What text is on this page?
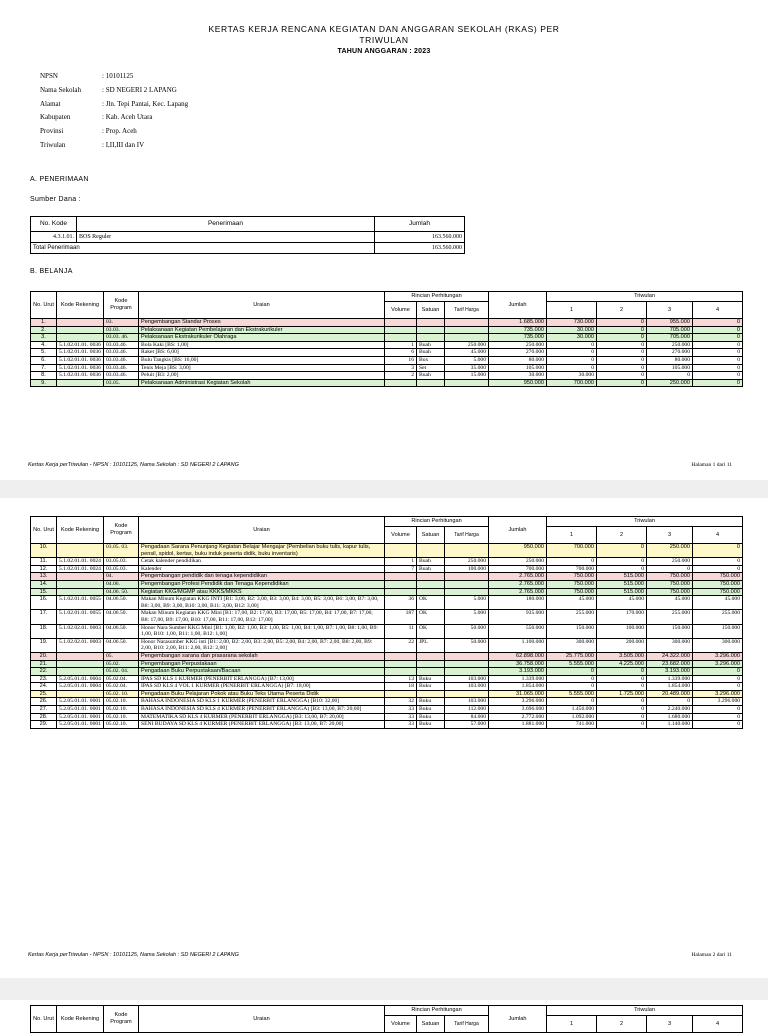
KERTAS KERJA RENCANA KEGIATAN DAN ANGGARAN SEKOLAH (RKAS) PER
TRIWULAN
TAHUN ANGGARAN : 2023
NPSN	: 10101125
Nama Sekolah	: SD NEGERI 2 LAPANG
Alamat	: Jln. Tepi Pantai, Kec. Lapang
Kabupaten	: Kab. Aceh Utara
Provinsi	: Prop. Aceh
Triwulan	: I,II,III dan IV
A. PENERIMAAN
Sumber Dana :
No. Kode	Penerimaan	Jumlah
4.3.1.01.	BOS Reguler	163.560.000
Total Penerimaan		163.560.000
B. BELANJA
No. Urut	Kode Rekening	Kode Program	Uraian	Rincian Perhitungan			Jumlah	Triwulan			
				Volume	Satuan	Tarif Harga		1	2	3	4
1.		03.	Pengembangan Standar Proses				1.685.000	730.000	0	955.000	0
2.		03.03.	Pelaksanaan Kegiatan Pembelajaran dan Ekstrakurikuler				735.000	30.000	0	705.000	0
3.		03.03. 46.	Pelaksanaan Ekstrakurikuler Olahraga				735.000	30.000	0	705.000	0
4.	5.1.02.01.01. 0036	03.03.46.	Bola Kaki [BS: 1,00]	1	Buah	250.000	250.000	0	0	250.000	0
5.	5.1.02.01.01. 0036	03.03.46.	Raket [BS: 6,00]	6	Buah	45.000	270.000	0	0	270.000	0
6.	5.1.02.01.01. 0036	03.03.46.	Bulu Tangkis [BS: 16,00]	16	Box	5.000	80.000	0	0	80.000	0
7.	5.1.02.01.01. 0036	03.03.46.	Tenis Meja [BS: 3,00]	3	Set	35.000	105.000	0	0	105.000	0
8.	5.1.02.01.01. 0036	03.03.46.	Peluit [B3: 2,00]	2	Buah	15.000	30.000	30.000	0	0	0
9.		03.05.	Pelaksanaan Administrasi Kegiatan Sekolah				950.000	700.000	0	250.000	0
Kertas Kerja perTriwulan - NPSN : 10101125, Nama Sekolah : SD NEGERI 2 LAPANG	Halaman 1 dari 11
No. Urut	Kode Rekening	Kode Program	Uraian	Rincian Perhitungan			Jumlah	Triwulan			
				Volume	Satuan	Tarif Harga		1	2	3	4
10.		03.05. 03.	Pengadaan Sarana Penunjang Kegiatan Belajar Mengajar (Pembelian buku tulis, kapur tulis, pensil, spidol, kertas, buku induk peserta didik, buku inventaris)				950.000	700.000	0	250.000	0
11.	5.1.02.01.01. 0024	03.05.03.	Cetak kalender pendidikan	1	Buah	250.000	250.000	0	0	250.000	0
12.	5.1.02.01.01. 0024	03.05.03.	Kalender	7	Buah	100.000	700.000	700.000	0	0	0
13.		04.	Pengembangan pendidik dan tenaga kependidikan				2.765.000	750.000	515.000	750.000	750.000
14.		04.06.	Pengembangan Profesi Pendidik dan Tenaga Kependidikan				2.765.000	750.000	515.000	750.000	750.000
15.		04.06. 50.	Kegiatan KKG/MGMP atau KKKS/MKKS				2.765.000	750.000	515.000	750.000	750.000
16.	5.1.02.01.01. 0055	04.06.50.	Makan Minum Kegiatan KKG INTI [B1: 3,00, B2: 3,00, B3: 3,00, B4: 3,00, B5: 3,00, B6: 3,00, B7: 3,00, B8: 3,00, B9: 3,00, B10: 3,00, B11: 3,00, B12: 3,00]	36	OK	5.000	180.000	45.000	45.000	45.000	45.000
17.	5.1.02.01.01. 0055	04.06.50.	Makan Minum Kegiatan KKG Mini [B1: 17,00, B2: 17,00, B3: 17,00, B5: 17,00, B4: 17,00, B7: 17,00, B8: 17,00, B9: 17,00, B10: 17,00, B11: 17,00, B12: 17,00]	187	OK	5.000	935.000	255.000	170.000	255.000	255.000
18.	5.1.02.02.01. 0003	04.06.50.	Honor Nara Sumber KKG Mini [B1: 1,00, B2: 1,00, B3: 1,00, B5: 1,00, B4: 1,00, B7: 1,00, B8: 1,00, B9: 1,00, B10: 1,00, B11: 1,00, B12: 1,00]	11	OK	50.000	550.000	150.000	100.000	150.000	150.000
19.	5.1.02.02.01. 0003	04.06.50.	Honor Narasumber KKG inti [B1: 2,00, B2: 2,00, B3: 2,00, B5: 2,00, B4: 2,00, B7: 2,00, B8: 2,00, B9: 2,00, B10: 2,00, B11: 2,00, B12: 2,00]	22	JPL	50.000	1.100.000	300.000	200.000	300.000	300.000
20.		05.	Pengembangan sarana dan prasarana sekolah				62.898.000	25.775.000	3.505.000	24.322.000	3.296.000
21.		05.02.	Pengembangan Perpustakaan				36.758.000	5.555.000	4.225.000	23.682.000	3.296.000
22.		05.02. 04.	Pengadaan Buku Perpustakaan/Bacaan				3.193.000	0	0	3.193.000	0
23.	5.2.05.01.01. 0004	05.02.04.	IPAS SD KLS 1 KURMER (PENERBIT ERLANGGA) [B7: 13,00]	13	Buku	103.000	1.339.000	0	0	1.339.000	0
24.	5.2.05.01.01. 0004	05.02.04.	IPAS SD KLS 4 VOL 1 KURMER (PENERBIT ERLANGGA) [B7: 18,00]	18	Buku	103.000	1.854.000	0	0	1.854.000	0
25.		05.02. 10.	Pengadaan Buku Pelajaran Pokok atau Buku Teks Utama Peserta Didik				31.065.000	5.555.000	1.725.000	20.489.000	3.296.000
26.	5.2.05.01.01. 0001	05.02.10.	BAHASA INDONESIA SD KLS 1 KURMER (PENERBIT ERLANGGA) [B10: 32,00]	32	Buku	103.000	3.296.000	0	0	0	3.296.000
27.	5.2.05.01.01. 0001	05.02.10.	BAHASA INDONESIA SD KLS 4 KURMER (PENERBIT ERLANGGA) [B3: 13,00, B7: 20,00]	33	Buku	112.000	3.696.000	1.456.000	0	2.240.000	0
28.	5.2.05.01.01. 0001	05.02.10.	MATEMATIKA SD KLS 4 KURMER (PENERBIT ERLANGGA) [B3: 13,00, B7: 20,00]	33	Buku	84.000	2.772.000	1.092.000	0	1.680.000	0
29.	5.2.05.01.01. 0001	05.02.10.	SENI BUDAYA SD KLS 4 KURMER (PENERBIT ERLANGGA) [B3: 13,00, B7: 20,00]	33	Buku	57.000	1.881.000	741.000	0	1.140.000	0
Kertas Kerja perTriwulan - NPSN : 10101125, Nama Sekolah : SD NEGERI 2 LAPANG	Halaman 2 dari 11
No. Urut	Kode Rekening	Kode Program	Uraian	Rincian Perhitungan			Jumlah	Triwulan			
				Volume	Satuan	Tarif Harga		1	2	3	4
